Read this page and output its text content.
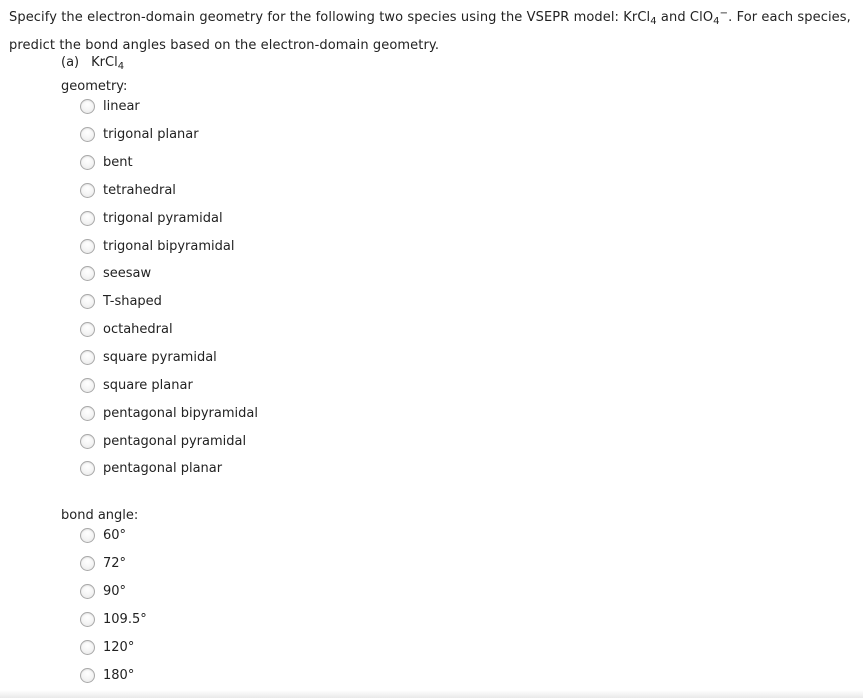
Specify the electron-domain geometry for the following two species using the VSEPR model: KrCl$_4$ and ClO$_4$−. For each species,

predict the bond angles based on the electron-domain geometry.

(a) KrCl$_4$
geometry:
linear
trigonal planar
bent
tetrahedral
trigonal pyramidal
trigonal bipyramidal
seesaw
T-shaped
octahedral
square pyramidal
square planar
pentagonal bipyramidal
pentagonal pyramidal
pentagonal planar
bond angle:
60°
72°
90°
109.5°
120°
180°
